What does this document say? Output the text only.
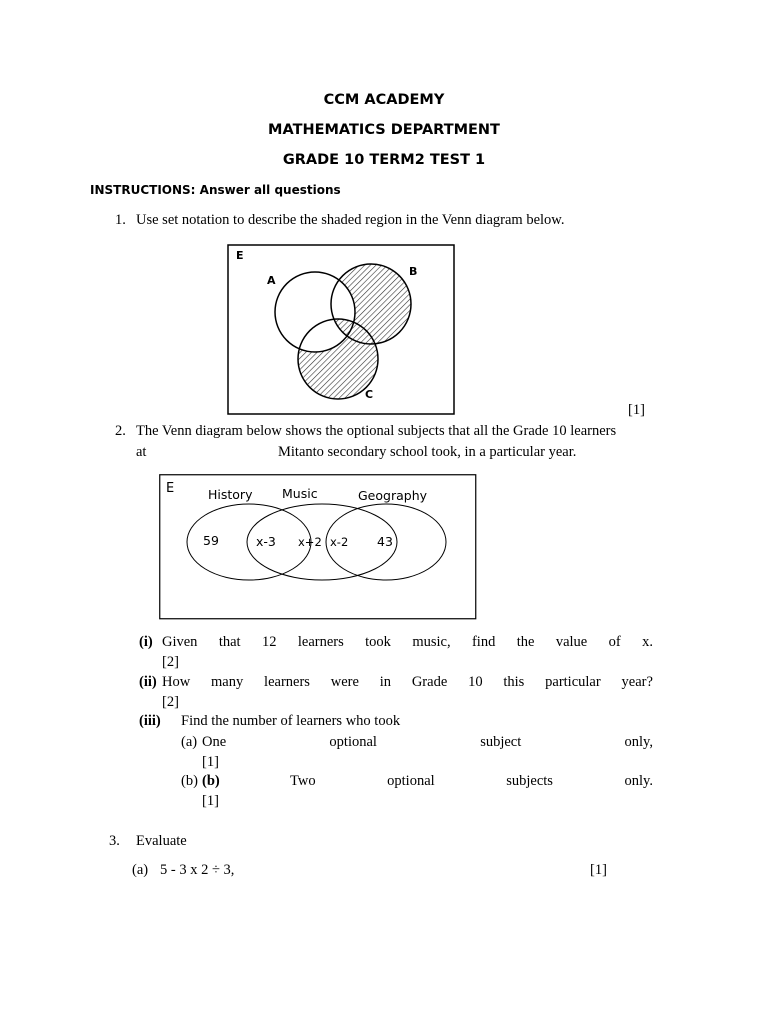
CCM ACADEMY
MATHEMATICS DEPARTMENT
GRADE 10 TERM2 TEST 1
INSTRUCTIONS: Answer all questions
1. Use set notation to describe the shaded region in the Venn diagram below.
E
A
B
C
[1]
2. The Venn diagram below shows the optional subjects that all the Grade 10 learners
at	Mitanto secondary school took, in a particular year.
E	History Music	Geography
59	x-3 x+2 x-2 43
(i) Given that 12 learners took music, find the value of x.
[2]
(ii) How many learners were in Grade 10 this particular year?
[2]
(iii) Find the number of learners who took
(a) One	optional	subject	only,
[1]
(b) (b)	Two	optional	subjects	only.
[1]
3. Evaluate
(a) 5 - 3 x 2 ÷ 3,	[1]
